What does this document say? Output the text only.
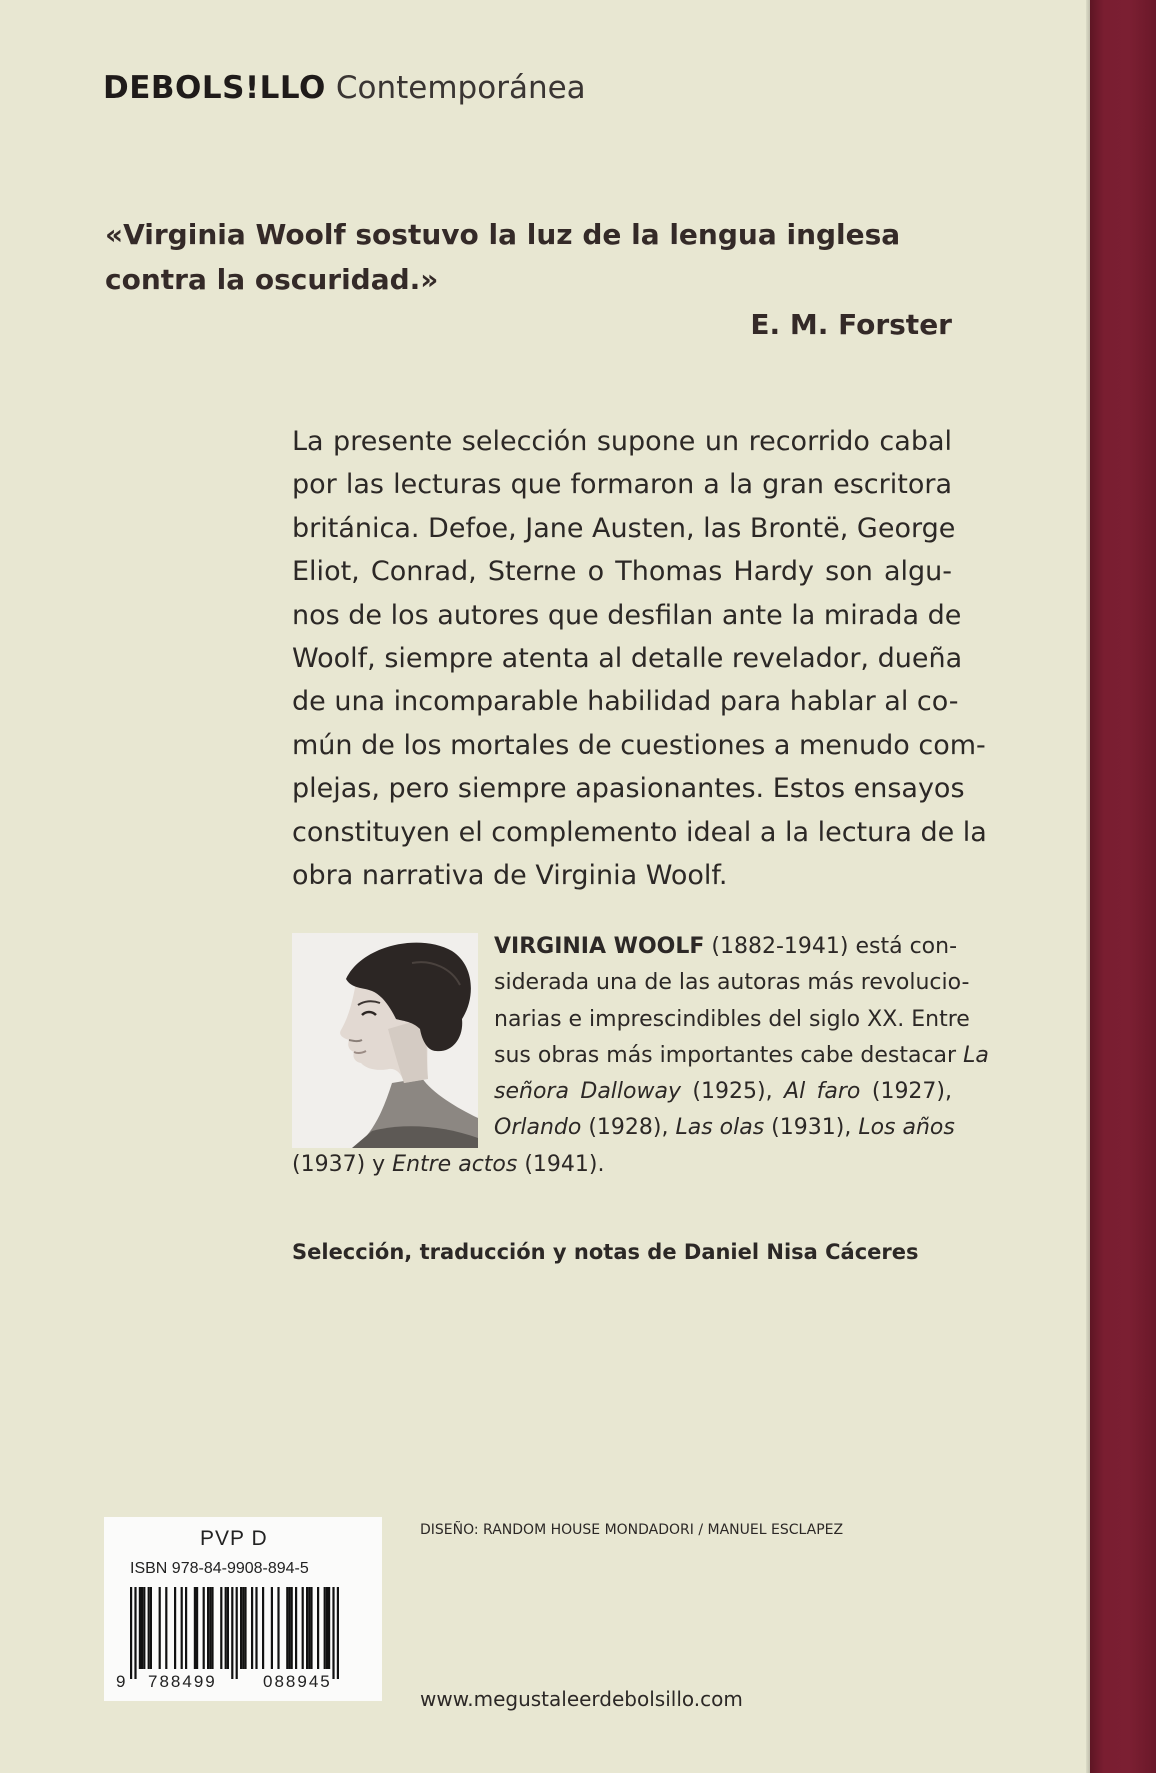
DEBOLS!LLO Contemporánea
«Virginia Woolf sostuvo la luz de la lengua inglesa contra la oscuridad.»
E. M. Forster
La presente selección supone un recorrido cabal
por las lecturas que formaron a la gran escritora
británica. Defoe, Jane Austen, las Brontë, George
Eliot, Conrad, Sterne o Thomas Hardy son algu-
nos de los autores que desfilan ante la mirada de
Woolf, siempre atenta al detalle revelador, dueña
de una incomparable habilidad para hablar al co-
mún de los mortales de cuestiones a menudo com-
plejas, pero siempre apasionantes. Estos ensayos
constituyen el complemento ideal a la lectura de la
obra narrativa de Virginia Woolf.
VIRGINIA WOOLF (1882-1941) está con-
siderada una de las autoras más revolucio-
narias e imprescindibles del siglo XX. Entre
sus obras más importantes cabe destacar La
señora Dalloway (1925), Al faro (1927),
Orlando (1928), Las olas (1931), Los años
(1937) y Entre actos (1941).
Selección, traducción y notas de Daniel Nisa Cáceres
PVP D
ISBN 978-84-9908-894-5
9 788499	088945
DISEÑO: RANDOM HOUSE MONDADORI / MANUEL ESCLAPEZ
www.megustaleerdebolsillo.com
